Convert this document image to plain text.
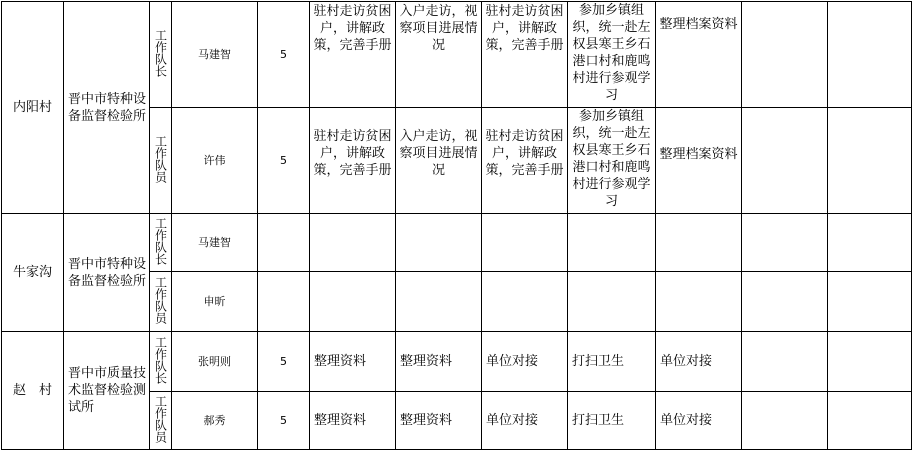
内阳村	晋中市特种设备监督检验所	工作队长	马建智	5	驻村走访贫困户，讲解政策，完善手册	入户走访，视察项目进展情况	驻村走访贫困户，讲解政策，完善手册	参加乡镇组织，统一赴左权县寒王乡石港口村和鹿鸣村进行参观学习	整理档案资料		
		工作队员	许伟	5	驻村走访贫困户，讲解政策，完善手册	入户走访，视察项目进展情况	驻村走访贫困户，讲解政策，完善手册	参加乡镇组织，统一赴左权县寒王乡石港口村和鹿鸣村进行参观学习	整理档案资料		
牛家沟	晋中市特种设备监督检验所	工作队长	马建智								
		工作队员	申昕								
赵　村	晋中市质量技术监督检验测试所	工作队长	张明则	5	整理资料	整理资料	单位对接	打扫卫生	单位对接		
		工作队员	郝秀	5	整理资料	整理资料	单位对接	打扫卫生	单位对接		
